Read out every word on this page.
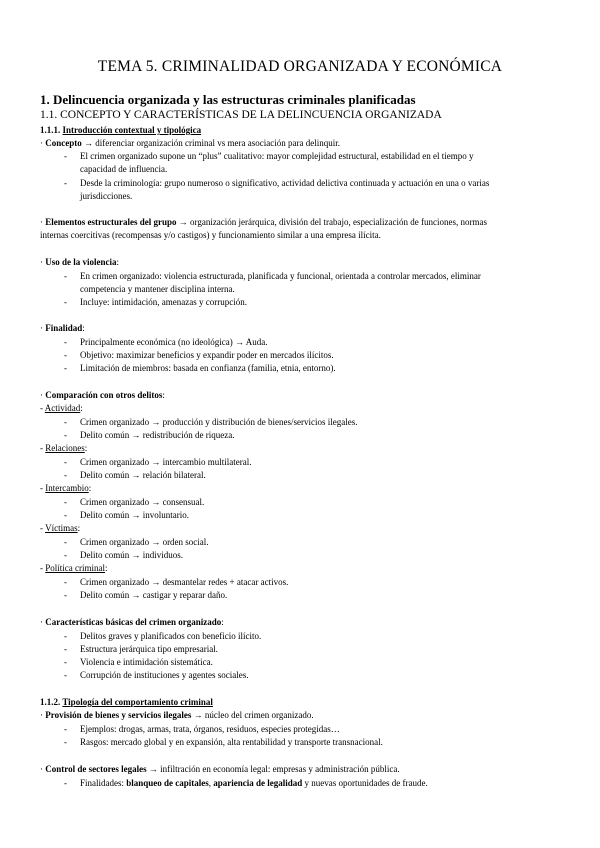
TEMA 5. CRIMINALIDAD ORGANIZADA Y ECONÓMICA
1. Delincuencia organizada y las estructuras criminales planificadas
1.1. CONCEPTO Y CARACTERÍSTICAS DE LA DELINCUENCIA ORGANIZADA
1.1.1. Introducción contextual y tipológica
· Concepto → diferenciar organización criminal vs mera asociación para delinquir.
- El crimen organizado supone un “plus” cualitativo: mayor complejidad estructural, estabilidad en el tiempo y
capacidad de influencia.
- Desde la criminología: grupo numeroso o significativo, actividad delictiva continuada y actuación en una o varias
jurisdicciones.
· Elementos estructurales del grupo → organización jerárquica, división del trabajo, especialización de funciones, normas
internas coercitivas (recompensas y/o castigos) y funcionamiento similar a una empresa ilícita.
· Uso de la violencia:
- En crimen organizado: violencia estructurada, planificada y funcional, orientada a controlar mercados, eliminar
competencia y mantener disciplina interna.
- Incluye: intimidación, amenazas y corrupción.
· Finalidad:
- Principalmente económica (no ideológica) → Auda.
- Objetivo: maximizar beneficios y expandir poder en mercados ilícitos.
- Limitación de miembros: basada en confianza (familia, etnia, entorno).
· Comparación con otros delitos:
- Actividad:
- Crimen organizado → producción y distribución de bienes/servicios ilegales.
- Delito común → redistribución de riqueza.
- Relaciones:
- Crimen organizado → intercambio multilateral.
- Delito común → relación bilateral.
- Intercambio:
- Crimen organizado → consensual.
- Delito común → involuntario.
- Víctimas:
- Crimen organizado → orden social.
- Delito común → individuos.
- Política criminal:
- Crimen organizado → desmantelar redes + atacar activos.
- Delito común → castigar y reparar daño.
· Características básicas del crimen organizado:
- Delitos graves y planificados con beneficio ilícito.
- Estructura jerárquica tipo empresarial.
- Violencia e intimidación sistemática.
- Corrupción de instituciones y agentes sociales.
1.1.2. Tipología del comportamiento criminal
· Provisión de bienes y servicios ilegales → núcleo del crimen organizado.
- Ejemplos: drogas, armas, trata, órganos, residuos, especies protegidas…
- Rasgos: mercado global y en expansión, alta rentabilidad y transporte transnacional.
· Control de sectores legales → infiltración en economía legal: empresas y administración pública.
- Finalidades: blanqueo de capitales, apariencia de legalidad y nuevas oportunidades de fraude.
